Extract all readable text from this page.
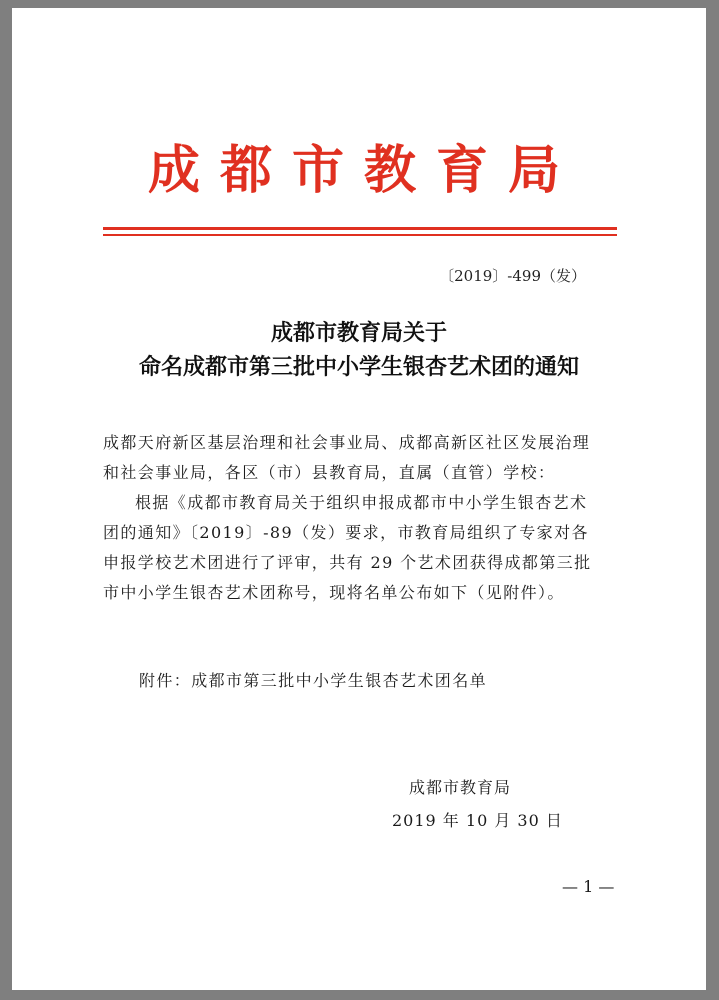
成都市教育局
〔2019〕-499（发）
成都市教育局关于
命名成都市第三批中小学生银杏艺术团的通知
成都天府新区基层治理和社会事业局、成都高新区社区发展治理
和社会事业局，各区（市）县教育局，直属（直管）学校：
根据《成都市教育局关于组织申报成都市中小学生银杏艺术
团的通知》〔2019〕-89（发）要求，市教育局组织了专家对各
申报学校艺术团进行了评审，共有 29 个艺术团获得成都第三批
市中小学生银杏艺术团称号，现将名单公布如下（见附件）。
附件：成都市第三批中小学生银杏艺术团名单
成都市教育局
2019 年 10 月 30 日
— 1 —
